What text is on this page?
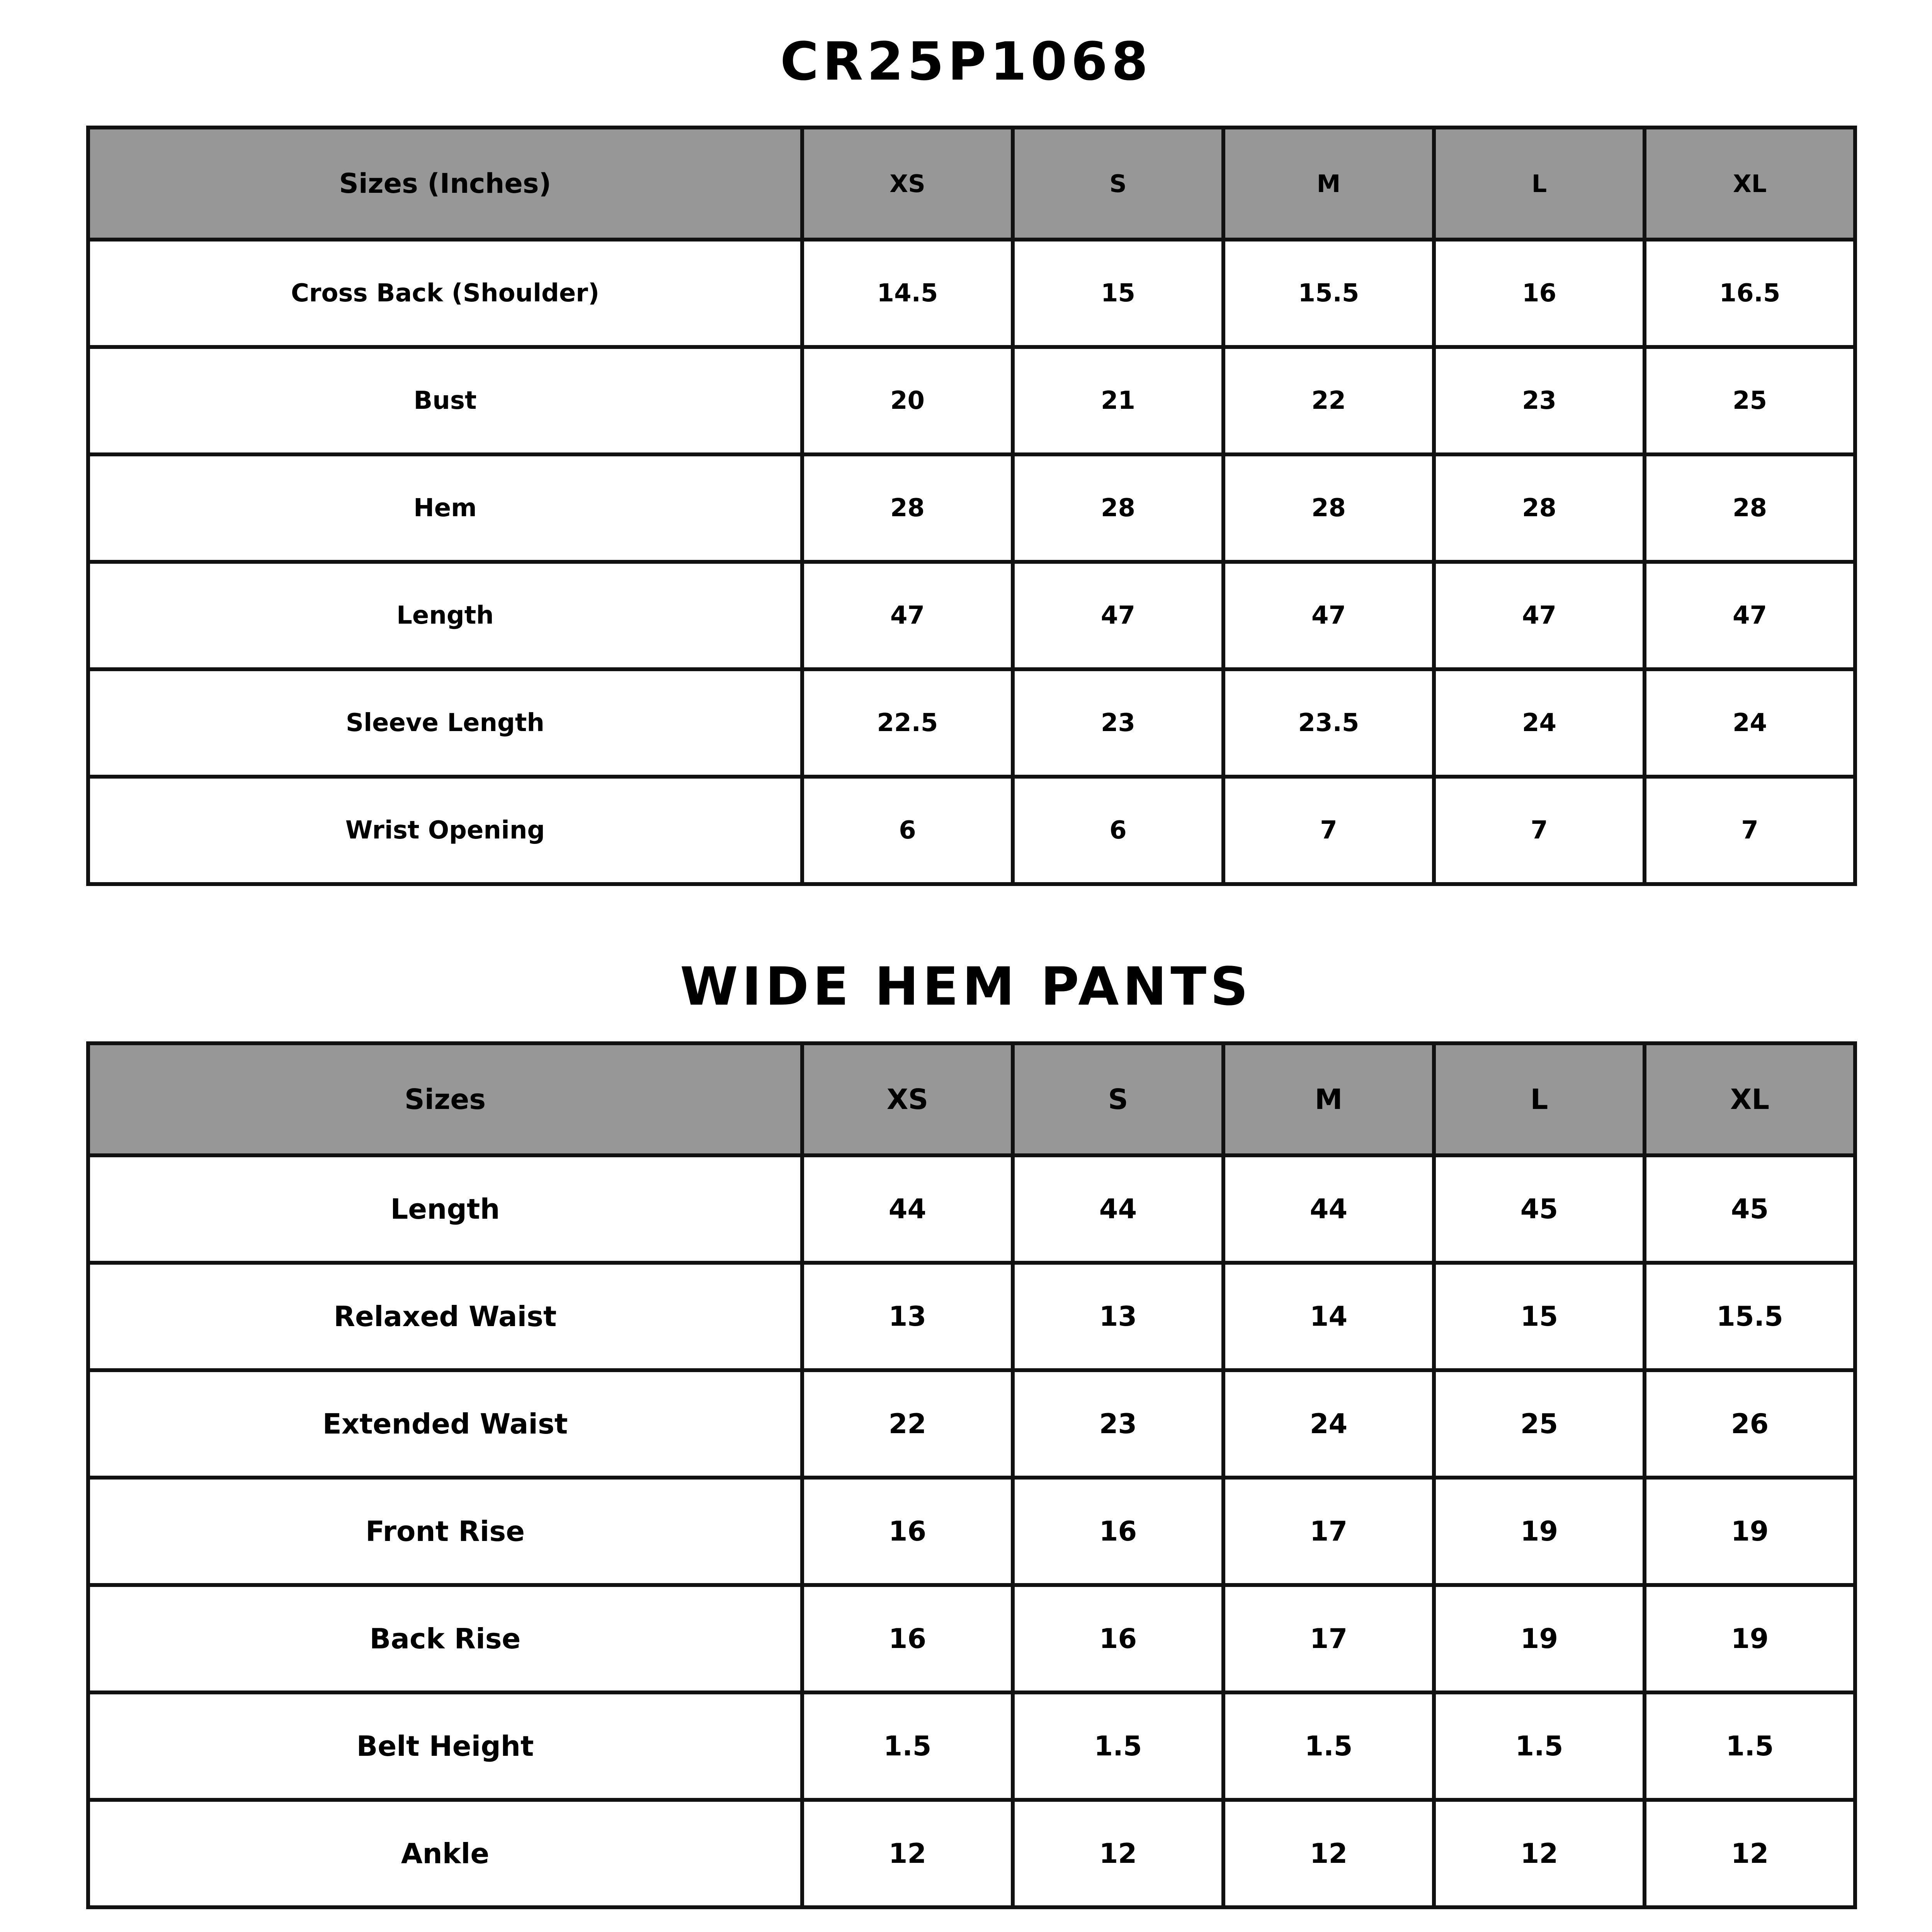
CR25P1068
Sizes (Inches)	XS	S	M	L	XL
Cross Back (Shoulder)	14.5	15	15.5	16	16.5
Bust	20	21	22	23	25
Hem	28	28	28	28	28
Length	47	47	47	47	47
Sleeve Length	22.5	23	23.5	24	24
Wrist Opening	6	6	7	7	7
WIDE HEM PANTS
Sizes	XS	S	M	L	XL
Length	44	44	44	45	45
Relaxed Waist	13	13	14	15	15.5
Extended Waist	22	23	24	25	26
Front Rise	16	16	17	19	19
Back Rise	16	16	17	19	19
Belt Height	1.5	1.5	1.5	1.5	1.5
Ankle	12	12	12	12	12
